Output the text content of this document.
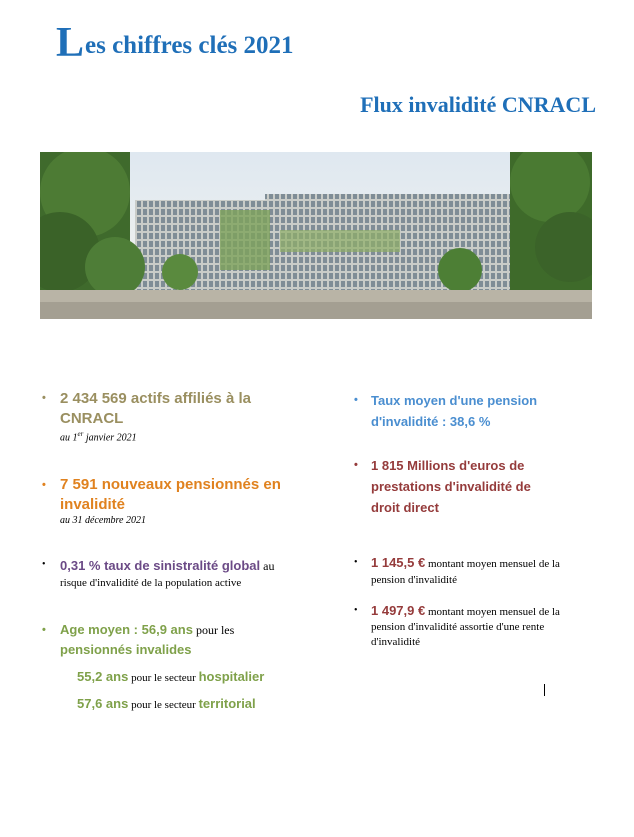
Les chiffres clés 2021
Flux invalidité CNRACL
• 2 434 569 actifs affiliés à la
CNRACL
au 1er janvier 2021
• 7 591 nouveaux pensionnés en
invalidité
au 31 décembre 2021
• 0,31 % taux de sinistralité global au
risque d'invalidité de la population active
• Age moyen : 56,9 ans pour les
pensionnés invalides
55,2 ans pour le secteur hospitalier
57,6 ans pour le secteur territorial
• Taux moyen d'une pension
d'invalidité : 38,6 %
• 1 815 Millions d'euros de
prestations d'invalidité de
droit direct
• 1 145,5 € montant moyen mensuel de la
pension d'invalidité
• 1 497,9 € montant moyen mensuel de la
pension d'invalidité assortie d'une rente
d'invalidité
